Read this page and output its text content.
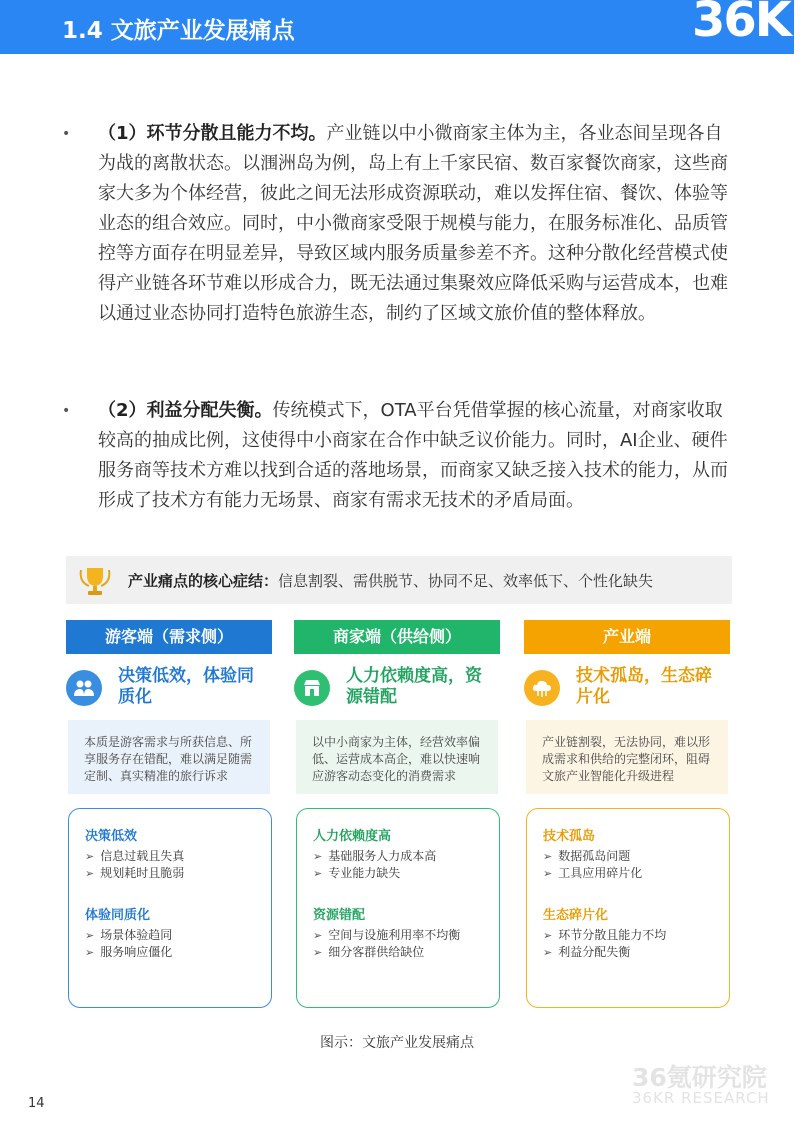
1.4 文旅产业发展痛点	36Kr
• （1）环节分散且能力不均。产业链以中小微商家主体为主，各业态间呈现各自为战的离散状态。以涠洲岛为例，岛上有上千家民宿、数百家餐饮商家，这些商家大多为个体经营，彼此之间无法形成资源联动，难以发挥住宿、餐饮、体验等业态的组合效应。同时，中小微商家受限于规模与能力，在服务标准化、品质管控等方面存在明显差异，导致区域内服务质量参差不齐。这种分散化经营模式使得产业链各环节难以形成合力，既无法通过集聚效应降低采购与运营成本，也难以通过业态协同打造特色旅游生态，制约了区域文旅价值的整体释放。
• （2）利益分配失衡。传统模式下，OTA平台凭借掌握的核心流量，对商家收取较高的抽成比例，这使得中小商家在合作中缺乏议价能力。同时，AI企业、硬件服务商等技术方难以找到合适的落地场景，而商家又缺乏接入技术的能力，从而形成了技术方有能力无场景、商家有需求无技术的矛盾局面。
产业痛点的核心症结：信息割裂、需供脱节、协同不足、效率低下、个性化缺失
游客端（需求侧）
决策低效，体验同质化
本质是游客需求与所获信息、所享服务存在错配，难以满足随需定制、真实精准的旅行诉求
决策低效
➢ 信息过载且失真
➢ 规划耗时且脆弱
体验同质化
➢ 场景体验趋同
➢ 服务响应僵化
商家端（供给侧）
人力依赖度高，资源错配
以中小商家为主体，经营效率偏低、运营成本高企，难以快速响应游客动态变化的消费需求
人力依赖度高
➢ 基础服务人力成本高
➢ 专业能力缺失
资源错配
➢ 空间与设施利用率不均衡
➢ 细分客群供给缺位
产业端
技术孤岛，生态碎片化
产业链割裂，无法协同，难以形成需求和供给的完整闭环，阻碍文旅产业智能化升级进程
技术孤岛
➢ 数据孤岛问题
➢ 工具应用碎片化
生态碎片化
➢ 环节分散且能力不均
➢ 利益分配失衡
图示：文旅产业发展痛点
36氪研究院
36KR RESEARCH
14
